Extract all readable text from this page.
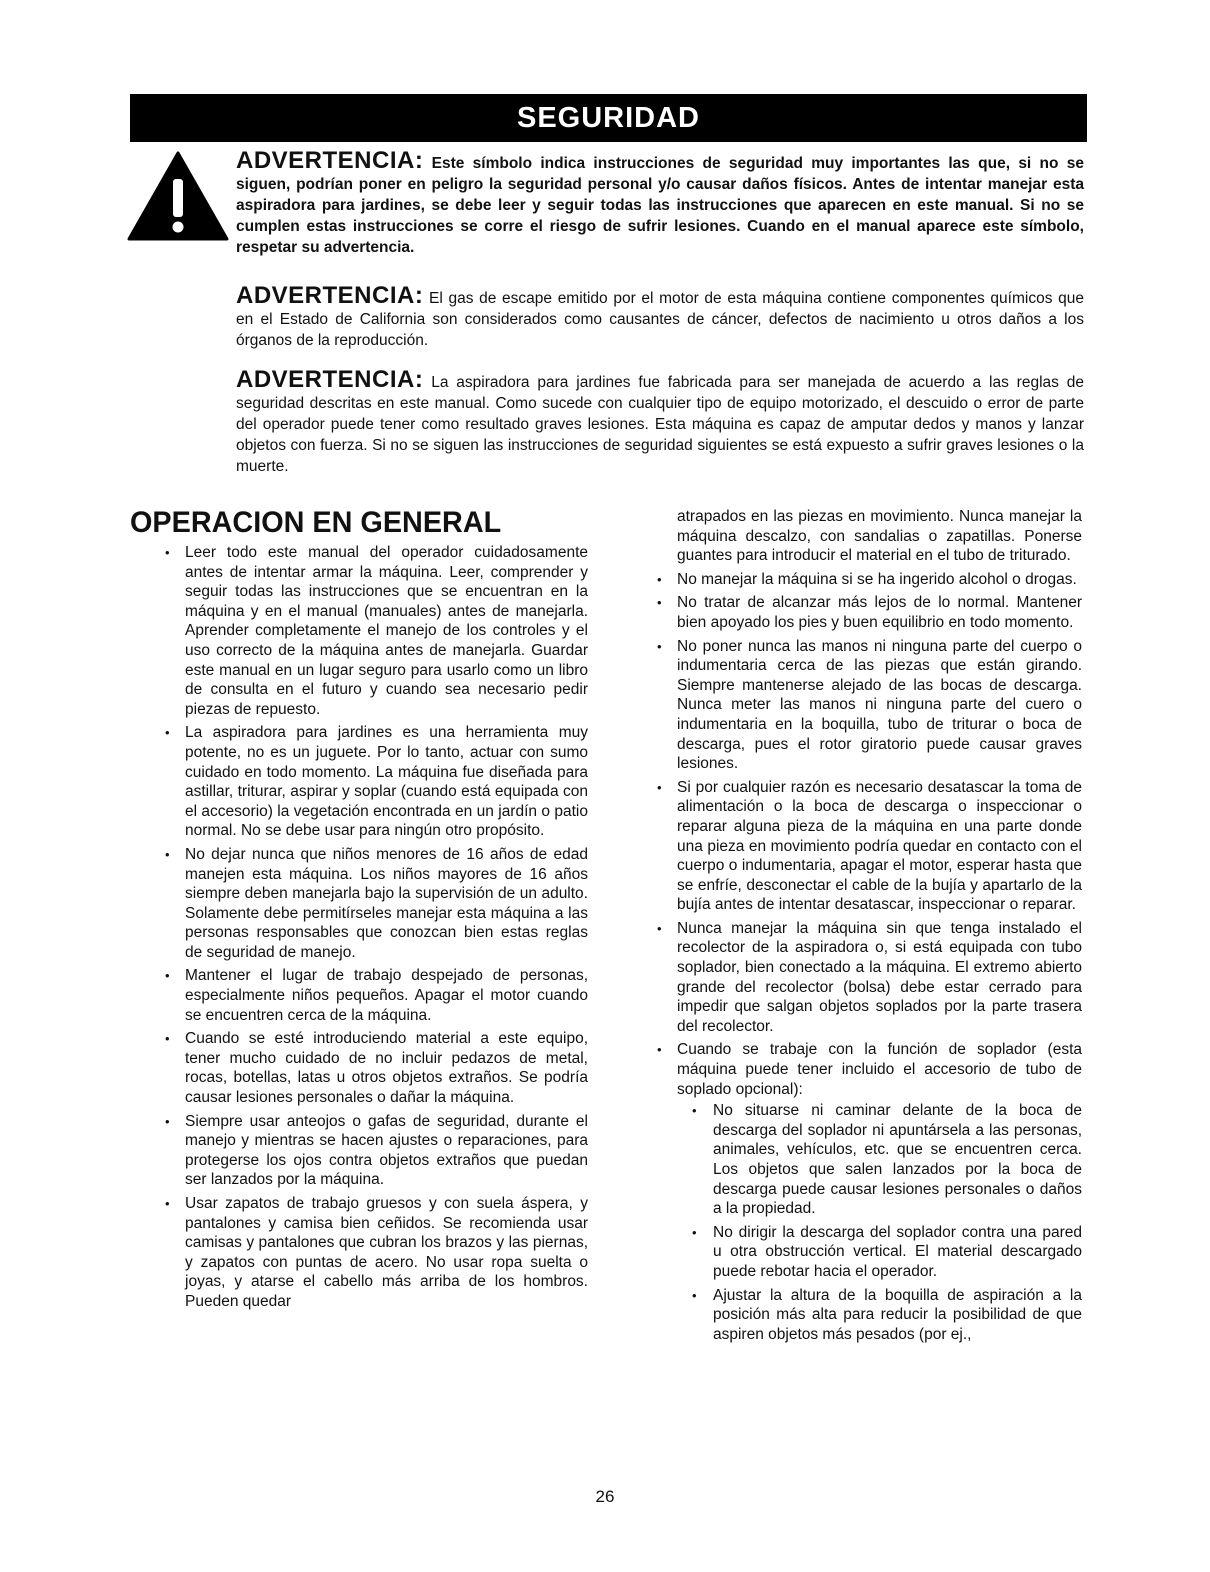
SEGURIDAD
ADVERTENCIA: Este símbolo indica instrucciones de seguridad muy importantes las que, si no se siguen, podrían poner en peligro la seguridad personal y/o causar daños físicos. Antes de intentar manejar esta aspiradora para jardines, se debe leer y seguir todas las instrucciones que aparecen en este manual. Si no se cumplen estas instrucciones se corre el riesgo de sufrir lesiones. Cuando en el manual aparece este símbolo, respetar su advertencia.
ADVERTENCIA: El gas de escape emitido por el motor de esta máquina contiene componentes químicos que en el Estado de California son considerados como causantes de cáncer, defectos de nacimiento u otros daños a los órganos de la reproducción.
ADVERTENCIA: La aspiradora para jardines fue fabricada para ser manejada de acuerdo a las reglas de seguridad descritas en este manual. Como sucede con cualquier tipo de equipo motorizado, el descuido o error de parte del operador puede tener como resultado graves lesiones. Esta máquina es capaz de amputar dedos y manos y lanzar objetos con fuerza. Si no se siguen las instrucciones de seguridad siguientes se está expuesto a sufrir graves lesiones o la muerte.
OPERACION EN GENERAL
• Leer todo este manual del operador cuidadosamente antes de intentar armar la máquina. Leer, comprender y seguir todas las instrucciones que se encuentran en la máquina y en el manual (manuales) antes de manejarla. Aprender completamente el manejo de los controles y el uso correcto de la máquina antes de manejarla. Guardar este manual en un lugar seguro para usarlo como un libro de consulta en el futuro y cuando sea necesario pedir piezas de repuesto.
• La aspiradora para jardines es una herramienta muy potente, no es un juguete. Por lo tanto, actuar con sumo cuidado en todo momento. La máquina fue diseñada para astillar, triturar, aspirar y soplar (cuando está equipada con el accesorio) la vegetación encontrada en un jardín o patio normal. No se debe usar para ningún otro propósito.
• No dejar nunca que niños menores de 16 años de edad manejen esta máquina. Los niños mayores de 16 años siempre deben manejarla bajo la supervisión de un adulto. Solamente debe permitírseles manejar esta máquina a las personas responsables que conozcan bien estas reglas de seguridad de manejo.
• Mantener el lugar de trabajo despejado de personas, especialmente niños pequeños. Apagar el motor cuando se encuentren cerca de la máquina.
• Cuando se esté introduciendo material a este equipo, tener mucho cuidado de no incluir pedazos de metal, rocas, botellas, latas u otros objetos extraños. Se podría causar lesiones personales o dañar la máquina.
• Siempre usar anteojos o gafas de seguridad, durante el manejo y mientras se hacen ajustes o reparaciones, para protegerse los ojos contra objetos extraños que puedan ser lanzados por la máquina.
• Usar zapatos de trabajo gruesos y con suela áspera, y pantalones y camisa bien ceñidos. Se recomienda usar camisas y pantalones que cubran los brazos y las piernas, y zapatos con puntas de acero. No usar ropa suelta o joyas, y atarse el cabello más arriba de los hombros. Pueden quedar
atrapados en las piezas en movimiento. Nunca manejar la máquina descalzo, con sandalias o zapatillas. Ponerse guantes para introducir el material en el tubo de triturado.
• No manejar la máquina si se ha ingerido alcohol o drogas.
• No tratar de alcanzar más lejos de lo normal. Mantener bien apoyado los pies y buen equilibrio en todo momento.
• No poner nunca las manos ni ninguna parte del cuerpo o indumentaria cerca de las piezas que están girando. Siempre mantenerse alejado de las bocas de descarga. Nunca meter las manos ni ninguna parte del cuero o indumentaria en la boquilla, tubo de triturar o boca de descarga, pues el rotor giratorio puede causar graves lesiones.
• Si por cualquier razón es necesario desatascar la toma de alimentación o la boca de descarga o inspeccionar o reparar alguna pieza de la máquina en una parte donde una pieza en movimiento podría quedar en contacto con el cuerpo o indumentaria, apagar el motor, esperar hasta que se enfríe, desconectar el cable de la bujía y apartarlo de la bujía antes de intentar desatascar, inspeccionar o reparar.
• Nunca manejar la máquina sin que tenga instalado el recolector de la aspiradora o, si está equipada con tubo soplador, bien conectado a la máquina. El extremo abierto grande del recolector (bolsa) debe estar cerrado para impedir que salgan objetos soplados por la parte trasera del recolector.
• Cuando se trabaje con la función de soplador (esta máquina puede tener incluido el accesorio de tubo de soplado opcional):
• No situarse ni caminar delante de la boca de descarga del soplador ni apuntársela a las personas, animales, vehículos, etc. que se encuentren cerca. Los objetos que salen lanzados por la boca de descarga puede causar lesiones personales o daños a la propiedad.
• No dirigir la descarga del soplador contra una pared u otra obstrucción vertical. El material descargado puede rebotar hacia el operador.
• Ajustar la altura de la boquilla de aspiración a la posición más alta para reducir la posibilidad de que aspiren objetos más pesados (por ej.,
26
